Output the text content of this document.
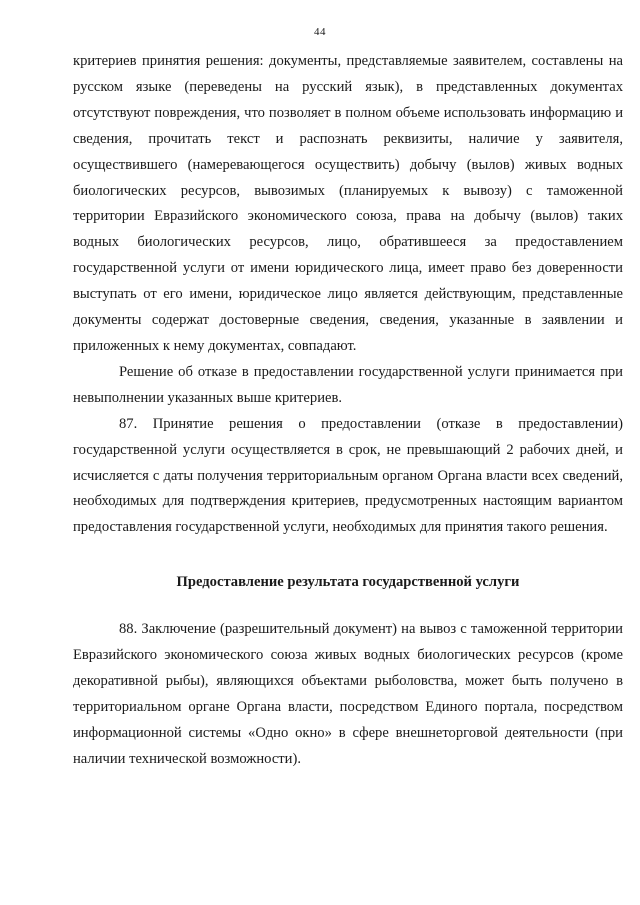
44

критериев принятия решения: документы, представляемые заявителем, составлены на русском языке (переведены на русский язык), в представленных документах отсутствуют повреждения, что позволяет в полном объеме использовать информацию и сведения, прочитать текст и распознать реквизиты, наличие у заявителя, осуществившего (намеревающегося осуществить) добычу (вылов) живых водных биологических ресурсов, вывозимых (планируемых к вывозу) с таможенной территории Евразийского экономического союза, права на добычу (вылов) таких водных биологических ресурсов, лицо, обратившееся за предоставлением государственной услуги от имени юридического лица, имеет право без доверенности выступать от его имени, юридическое лицо является действующим, представленные документы содержат достоверные сведения, сведения, указанные в заявлении и приложенных к нему документах, совпадают.

Решение об отказе в предоставлении государственной услуги принимается при невыполнении указанных выше критериев.

87. Принятие решения о предоставлении (отказе в предоставлении) государственной услуги осуществляется в срок, не превышающий 2 рабочих дней, и исчисляется с даты получения территориальным органом Органа власти всех сведений, необходимых для подтверждения критериев, предусмотренных настоящим вариантом предоставления государственной услуги, необходимых для принятия такого решения.

Предоставление результата государственной услуги

88. Заключение (разрешительный документ) на вывоз с таможенной территории Евразийского экономического союза живых водных биологических ресурсов (кроме декоративной рыбы), являющихся объектами рыболовства, может быть получено в территориальном органе Органа власти, посредством Единого портала, посредством информационной системы «Одно окно» в сфере внешнеторговой деятельности (при наличии технической возможности).
